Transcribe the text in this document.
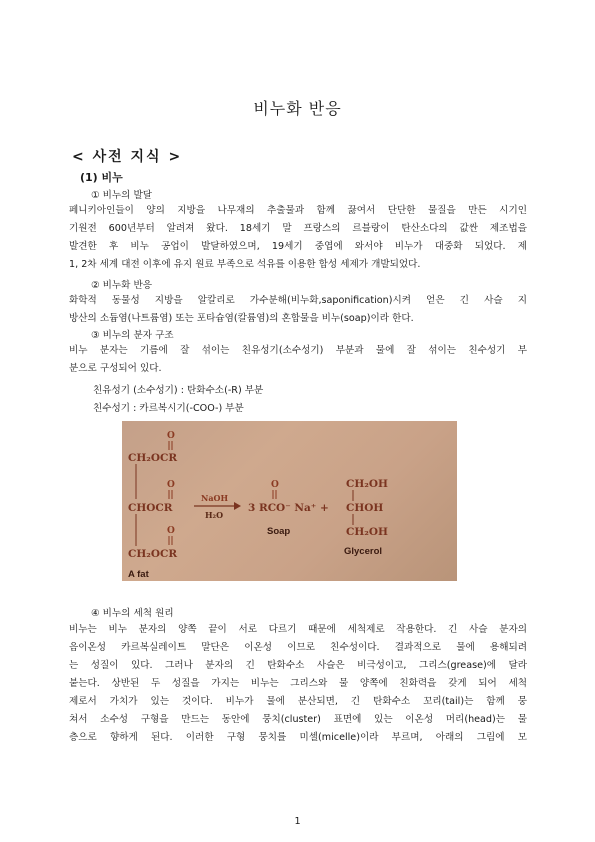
비누화 반응
< 사전 지식 >
(1) 비누
① 비누의 발달
페니키아인들이 양의 지방을 나무재의 추출물과 함께 끓여서 단단한 물질을 만든 시기인
기원전 600년부터 알려져 왔다. 18세기 말 프랑스의 르블랑이 탄산소다의 값싼 제조법을
발견한 후 비누 공업이 발달하였으며, 19세기 중엽에 와서야 비누가 대중화 되었다. 제
1, 2차 세계 대전 이후에 유지 원료 부족으로 석유를 이용한 합성 세제가 개발되었다.
② 비누화 반응
화학적 동물성 지방을 알칼리로 가수분해(비누화,saponification)시켜 얻은 긴 사슬 지
방산의 소듐염(나트륨염) 또는 포타슘염(칼륨염)의 혼합물을 비누(soap)이라 한다.
③ 비누의 분자 구조
비누 분자는 기름에 잘 섞이는 친유성기(소수성기) 부분과 물에 잘 섞이는 친수성기 부
분으로 구성되어 있다.
친유성기 (소수성기) : 탄화수소(-R) 부분
친수성기 : 카르복시기(-COO-) 부분
O
O
O
CH₂OCR
CHOCR
CH₂OCR
NaOH
H₂O
O
3 RCO⁻ Na⁺ +
Soap
CH₂OH
CHOH
CH₂OH
Glycerol
A fat
④ 비누의 세척 원리
비누는 비누 분자의 양쪽 끝이 서로 다르기 때문에 세척제로 작용한다. 긴 사슬 분자의
음이온성 카르복실레이트 말단은 이온성 이므로 친수성이다. 결과적으로 물에 용해되려
는 성질이 있다. 그러나 분자의 긴 탄화수소 사슬은 비극성이고, 그리스(grease)에 달라
붙는다. 상반된 두 성질을 가지는 비누는 그리스와 물 양쪽에 친화력을 갖게 되어 세척
제로서 가치가 있는 것이다. 비누가 물에 분산되면, 긴 탄화수소 꼬리(tail)는 함께 뭉
쳐서 소수성 구형을 만드는 동안에 뭉치(cluster) 표면에 있는 이온성 머리(head)는 물
층으로 향하게 된다. 이러한 구형 뭉치를 미셀(micelle)이라 부르며, 아래의 그림에 모
1
